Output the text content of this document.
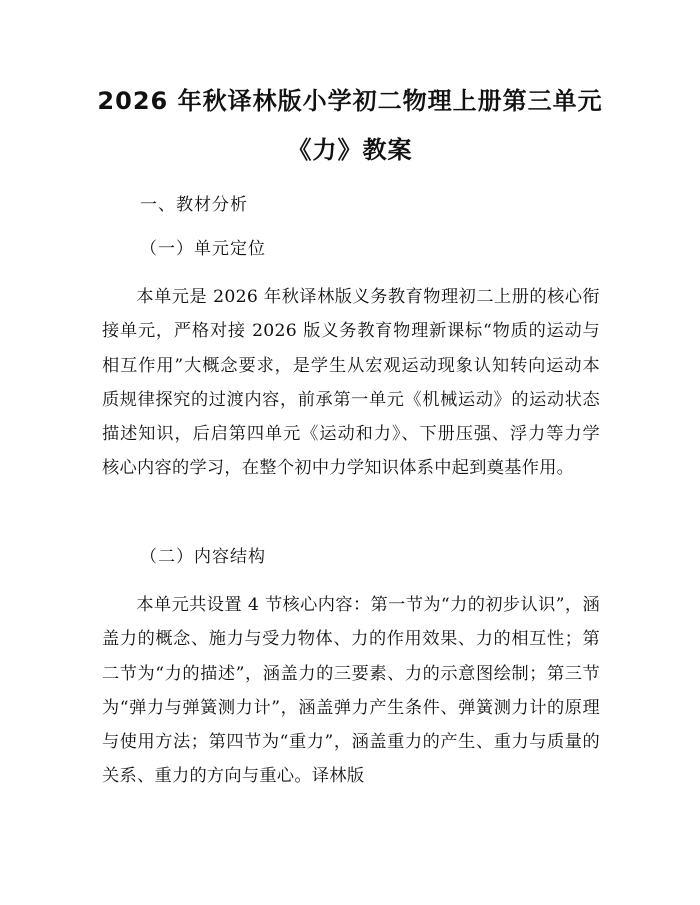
2026 年秋译林版小学初二物理上册第三单元
《力》教案

一、教材分析

（一）单元定位

本单元是 2026 年秋译林版义务教育物理初二上册的核心衔接单元，严格对接 2026 版义务教育物理新课标“物质的运动与相互作用”大概念要求，是学生从宏观运动现象认知转向运动本质规律探究的过渡内容，前承第一单元《机械运动》的运动状态描述知识，后启第四单元《运动和力》、下册压强、浮力等力学核心内容的学习，在整个初中力学知识体系中起到奠基作用。

（二）内容结构

本单元共设置 4 节核心内容：第一节为“力的初步认识”，涵盖力的概念、施力与受力物体、力的作用效果、力的相互性；第二节为“力的描述”，涵盖力的三要素、力的示意图绘制；第三节为“弹力与弹簧测力计”，涵盖弹力产生条件、弹簧测力计的原理与使用方法；第四节为“重力”，涵盖重力的产生、重力与质量的关系、重力的方向与重心。译林版
